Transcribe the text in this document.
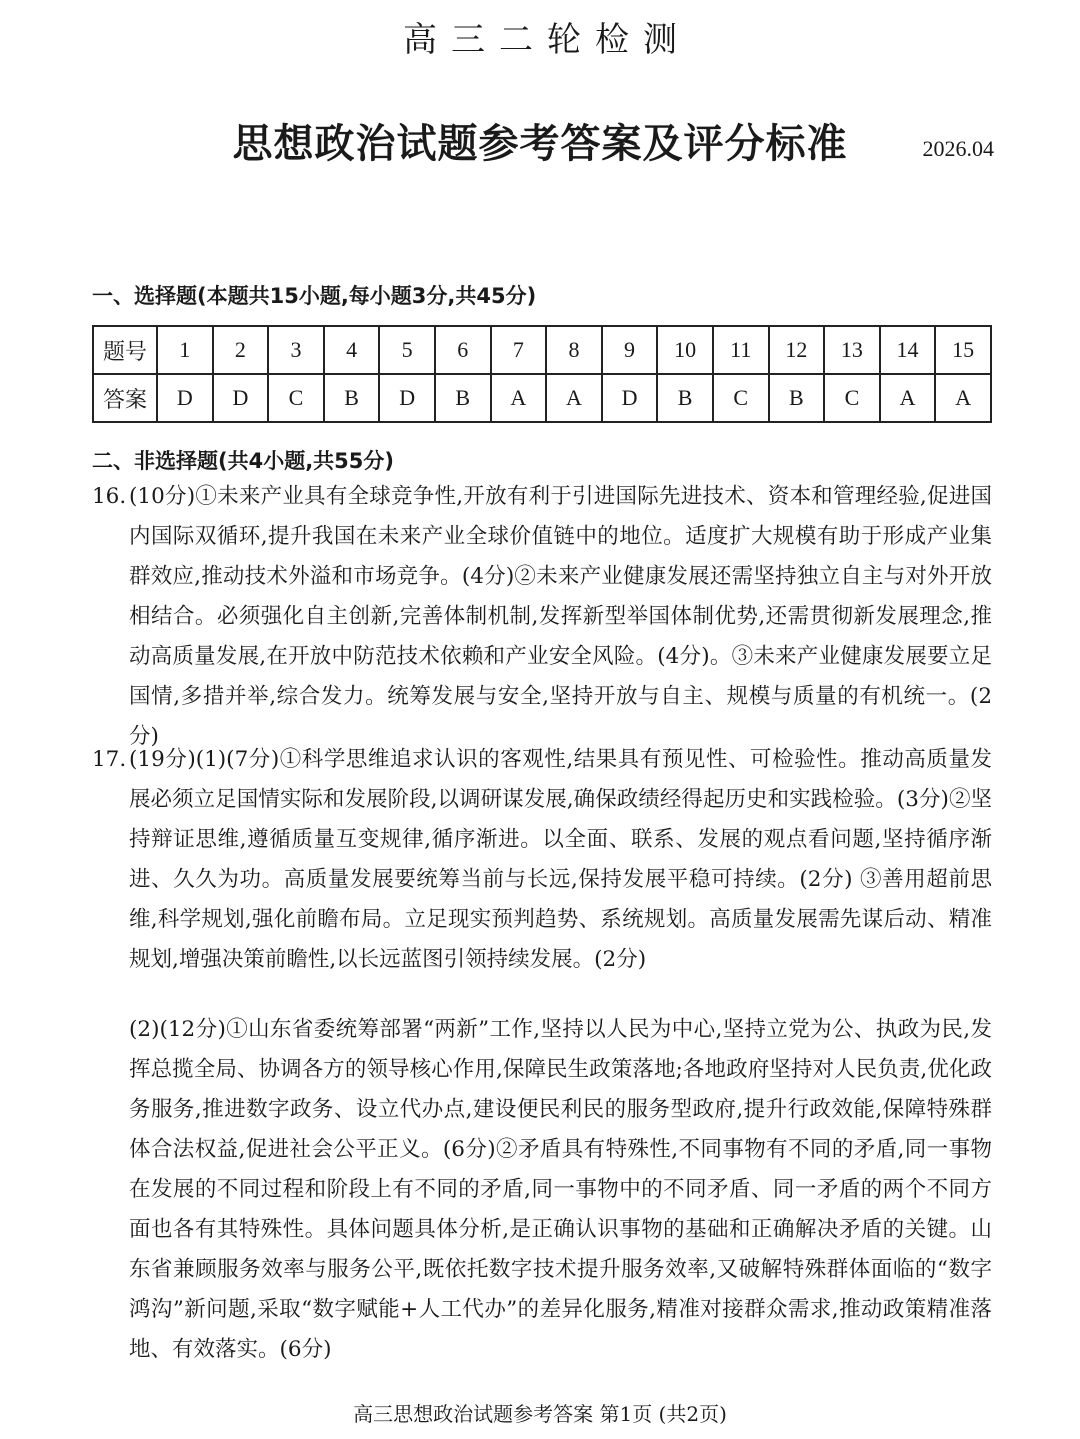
高三二轮检测
思想政治试题参考答案及评分标准	2026.04
一、选择题(本题共15小题,每小题3分,共45分)
题号	1	2	3	4	5	6	7	8	9	10	11	12	13	14	15
答案	D	D	C	B	D	B	A	A	D	B	C	B	C	A	A
二、非选择题(共4小题,共55分)
16. (10分)①未来产业具有全球竞争性,开放有利于引进国际先进技术、资本和管理经验,促进国内国际双循环,提升我国在未来产业全球价值链中的地位。适度扩大规模有助于形成产业集群效应,推动技术外溢和市场竞争。(4分)②未来产业健康发展还需坚持独立自主与对外开放相结合。必须强化自主创新,完善体制机制,发挥新型举国体制优势,还需贯彻新发展理念,推动高质量发展,在开放中防范技术依赖和产业安全风险。(4分)。③未来产业健康发展要立足国情,多措并举,综合发力。统筹发展与安全,坚持开放与自主、规模与质量的有机统一。(2分)
17. (19分)(1)(7分)①科学思维追求认识的客观性,结果具有预见性、可检验性。推动高质量发展必须立足国情实际和发展阶段,以调研谋发展,确保政绩经得起历史和实践检验。(3分)②坚持辩证思维,遵循质量互变规律,循序渐进。以全面、联系、发展的观点看问题,坚持循序渐进、久久为功。高质量发展要统筹当前与长远,保持发展平稳可持续。(2分) ③善用超前思维,科学规划,强化前瞻布局。立足现实预判趋势、系统规划。高质量发展需先谋后动、精准规划,增强决策前瞻性,以长远蓝图引领持续发展。(2分)
(2)(12分)①山东省委统筹部署“两新”工作,坚持以人民为中心,坚持立党为公、执政为民,发挥总揽全局、协调各方的领导核心作用,保障民生政策落地;各地政府坚持对人民负责,优化政务服务,推进数字政务、设立代办点,建设便民利民的服务型政府,提升行政效能,保障特殊群体合法权益,促进社会公平正义。(6分)②矛盾具有特殊性,不同事物有不同的矛盾,同一事物在发展的不同过程和阶段上有不同的矛盾,同一事物中的不同矛盾、同一矛盾的两个不同方面也各有其特殊性。具体问题具体分析,是正确认识事物的基础和正确解决矛盾的关键。山东省兼顾服务效率与服务公平,既依托数字技术提升服务效率,又破解特殊群体面临的“数字鸿沟”新问题,采取“数字赋能+人工代办”的差异化服务,精准对接群众需求,推动政策精准落地、有效落实。(6分)
高三思想政治试题参考答案 第1页 (共2页)
